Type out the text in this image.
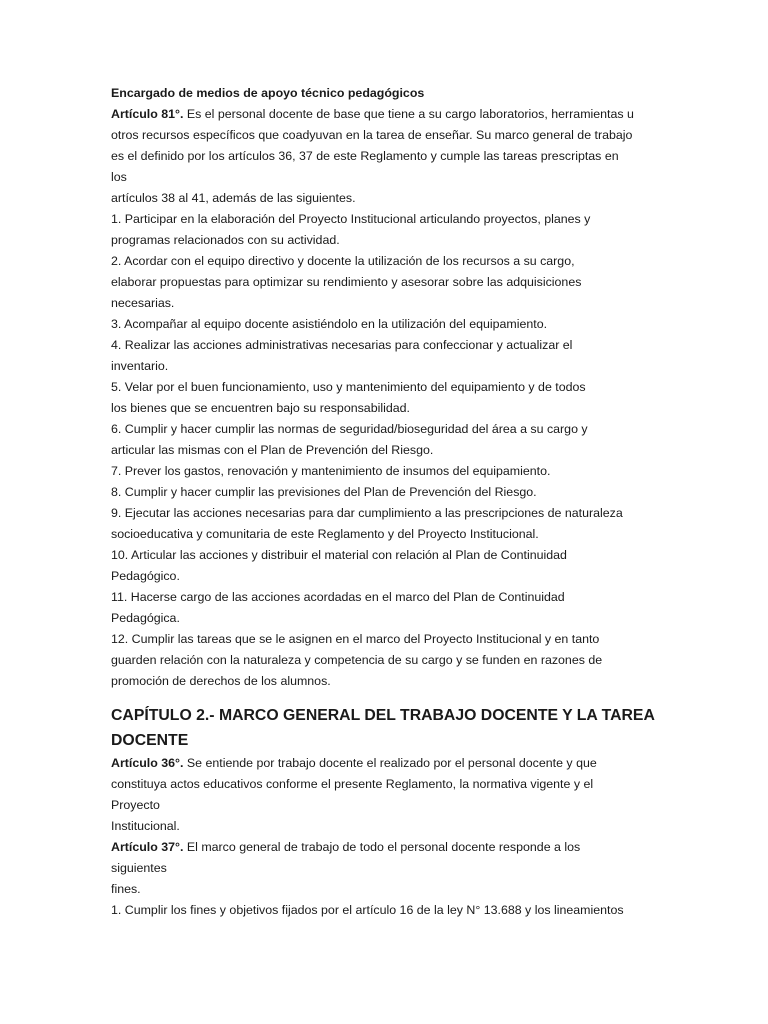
Encargado de medios de apoyo técnico pedagógicos
Artículo 81°. Es el personal docente de base que tiene a su cargo laboratorios, herramientas u
otros recursos específicos que coadyuvan en la tarea de enseñar. Su marco general de trabajo
es el definido por los artículos 36, 37 de este Reglamento y cumple las tareas prescriptas en
los
artículos 38 al 41, además de las siguientes.
1. Participar en la elaboración del Proyecto Institucional articulando proyectos, planes y
programas relacionados con su actividad.
2. Acordar con el equipo directivo y docente la utilización de los recursos a su cargo,
elaborar propuestas para optimizar su rendimiento y asesorar sobre las adquisiciones
necesarias.
3. Acompañar al equipo docente asistiéndolo en la utilización del equipamiento.
4. Realizar las acciones administrativas necesarias para confeccionar y actualizar el
inventario.
5. Velar por el buen funcionamiento, uso y mantenimiento del equipamiento y de todos
los bienes que se encuentren bajo su responsabilidad.
6. Cumplir y hacer cumplir las normas de seguridad/bioseguridad del área a su cargo y
articular las mismas con el Plan de Prevención del Riesgo.
7. Prever los gastos, renovación y mantenimiento de insumos del equipamiento.
8. Cumplir y hacer cumplir las previsiones del Plan de Prevención del Riesgo.
9. Ejecutar las acciones necesarias para dar cumplimiento a las prescripciones de naturaleza
socioeducativa y comunitaria de este Reglamento y del Proyecto Institucional.
10. Articular las acciones y distribuir el material con relación al Plan de Continuidad
Pedagógico.
11. Hacerse cargo de las acciones acordadas en el marco del Plan de Continuidad
Pedagógica.
12. Cumplir las tareas que se le asignen en el marco del Proyecto Institucional y en tanto
guarden relación con la naturaleza y competencia de su cargo y se funden en razones de
promoción de derechos de los alumnos.
CAPÍTULO 2.- MARCO GENERAL DEL TRABAJO DOCENTE Y LA TAREA
DOCENTE
Artículo 36°. Se entiende por trabajo docente el realizado por el personal docente y que
constituya actos educativos conforme el presente Reglamento, la normativa vigente y el
Proyecto
Institucional.
Artículo 37°. El marco general de trabajo de todo el personal docente responde a los
siguientes
fines.
1. Cumplir los fines y objetivos fijados por el artículo 16 de la ley N° 13.688 y los lineamientos
